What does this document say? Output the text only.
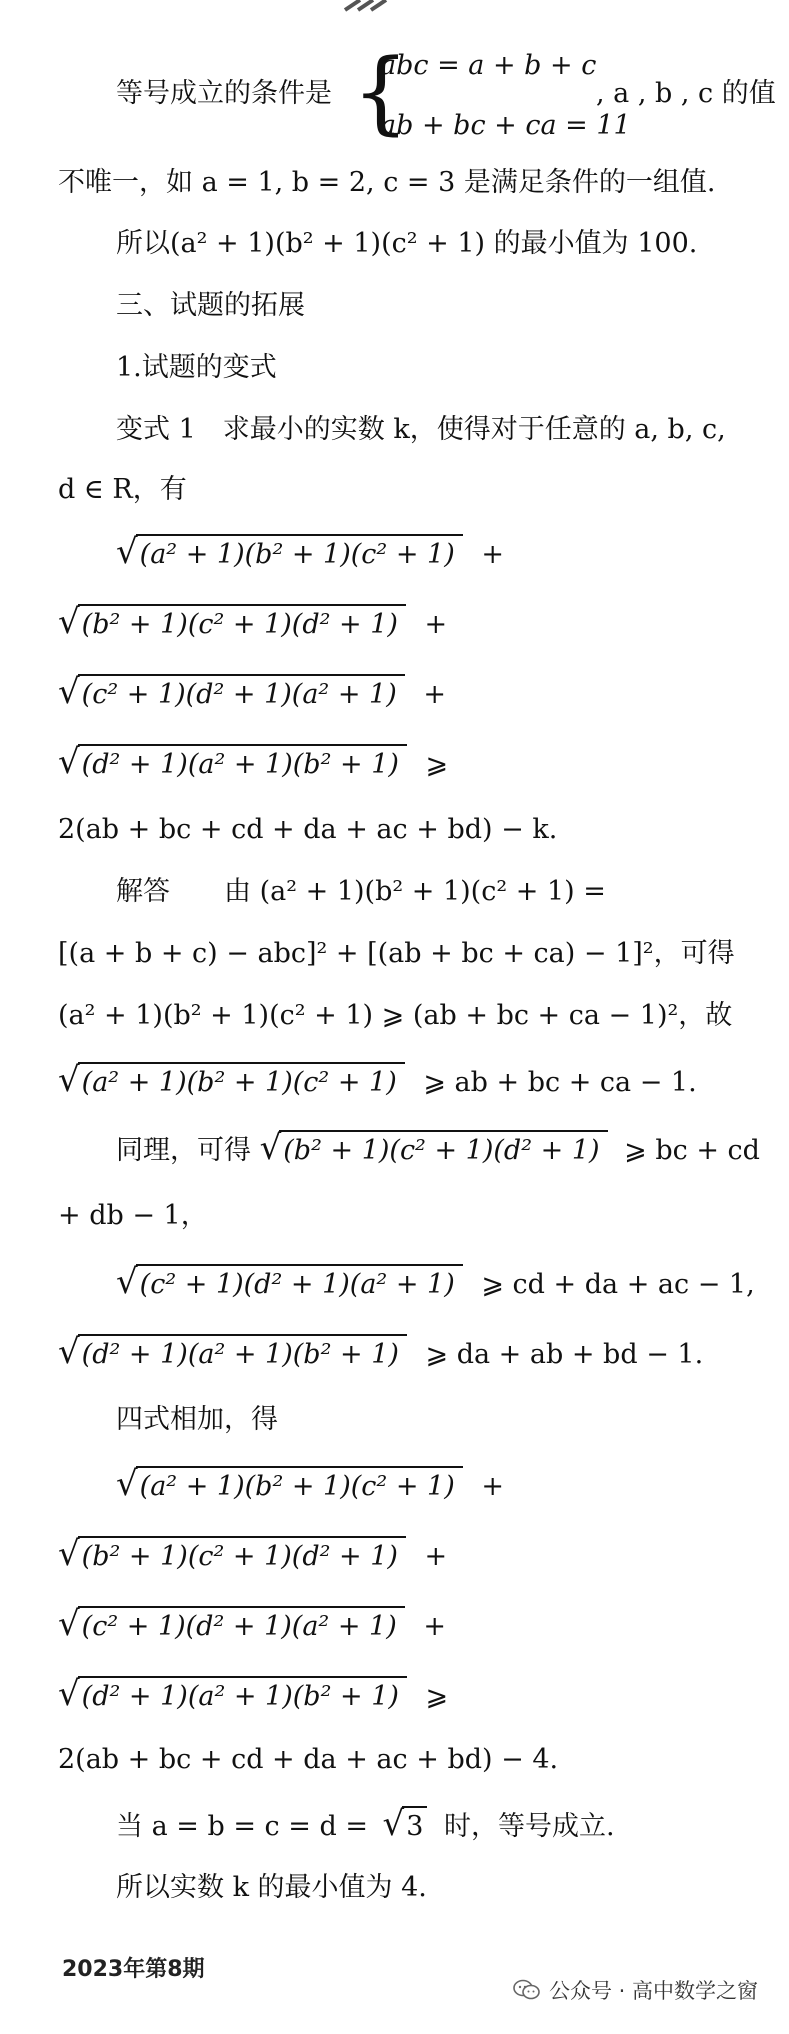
等号成立的条件是 {
abc = a + b + c
ab + bc + ca = 11
, a , b , c 的值
不唯一，如 a = 1, b = 2, c = 3 是满足条件的一组值.
所以(a² + 1)(b² + 1)(c² + 1) 的最小值为 100.
三、试题的拓展
1.试题的变式
变式 1　求最小的实数 k，使得对于任意的 a, b, c,
d ∈ R，有
√ (a² + 1)(b² + 1)(c² + 1) +
√ (b² + 1)(c² + 1)(d² + 1) +
√ (c² + 1)(d² + 1)(a² + 1) +
√ (d² + 1)(a² + 1)(b² + 1) ⩾
2(ab + bc + cd + da + ac + bd) − k.
解答　　由 (a² + 1)(b² + 1)(c² + 1) =
[(a + b + c) − abc]² + [(ab + bc + ca) − 1]²，可得
(a² + 1)(b² + 1)(c² + 1) ⩾ (ab + bc + ca − 1)²，故
√ (a² + 1)(b² + 1)(c² + 1) ⩾ ab + bc + ca − 1.
同理，可得 √ (b² + 1)(c² + 1)(d² + 1) ⩾ bc + cd
+ db − 1，
√ (c² + 1)(d² + 1)(a² + 1) ⩾ cd + da + ac − 1,
√ (d² + 1)(a² + 1)(b² + 1) ⩾ da + ab + bd − 1.
四式相加，得
√ (a² + 1)(b² + 1)(c² + 1) +
√ (b² + 1)(c² + 1)(d² + 1) +
√ (c² + 1)(d² + 1)(a² + 1) +
√ (d² + 1)(a² + 1)(b² + 1) ⩾
2(ab + bc + cd + da + ac + bd) − 4.
当 a = b = c = d = √ 3 时，等号成立.
所以实数 k 的最小值为 4.
2023年第8期
公众号 · 高中数学之窗
